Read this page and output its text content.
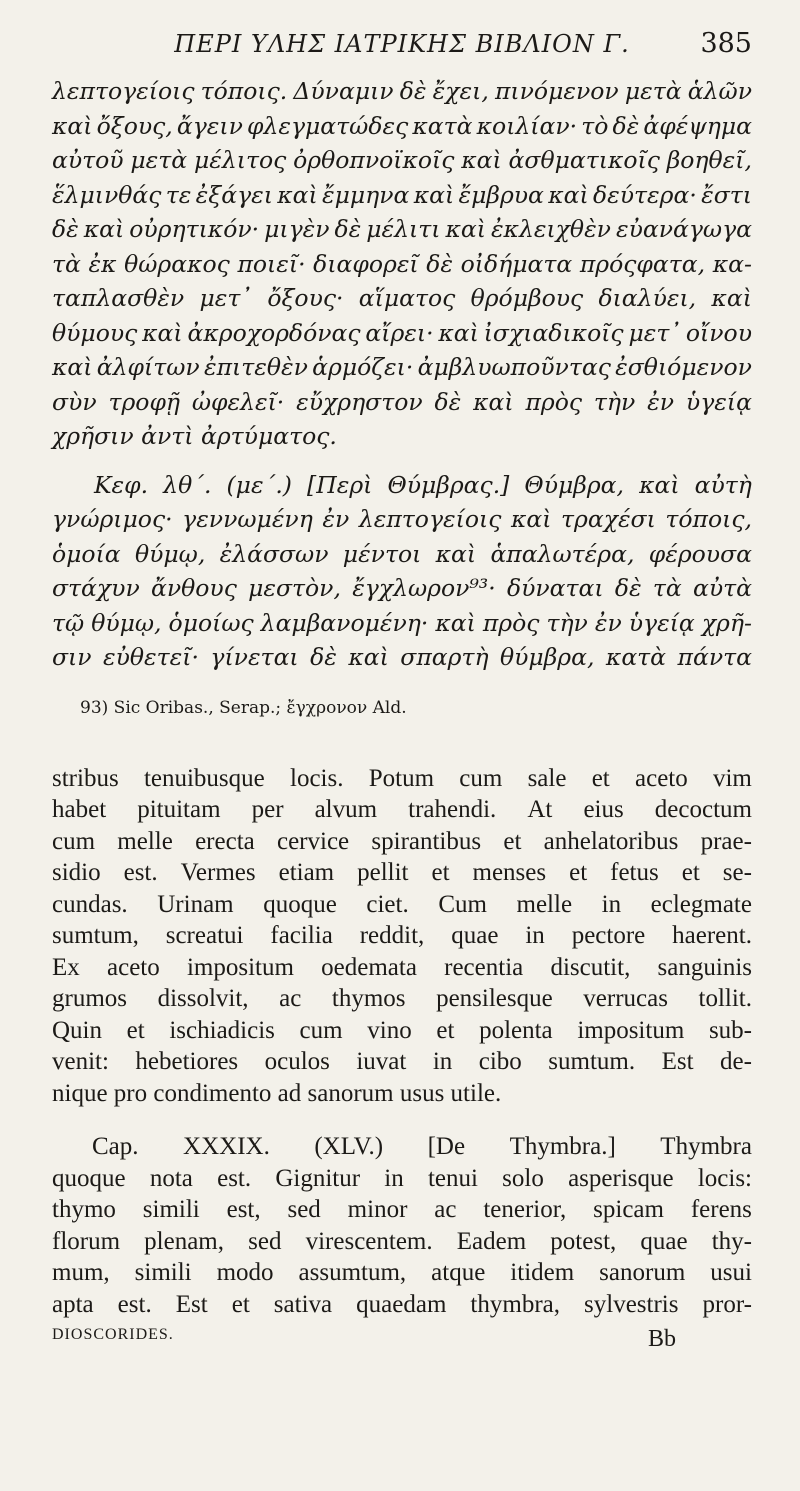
ΠΕΡΙ ΥΛΗΣ ΙΑΤΡΙΚΗΣ ΒΙΒΛΙΟΝ Γ.	385
λεπτογείοις τόποις. Δύναμιν δὲ ἔχει, πινόμενον μετὰ ἁλῶν
καὶ ὄξους, ἄγειν φλεγματώδες κατὰ κοιλίαν· τὸ δὲ ἀφέψημα
αὐτοῦ μετὰ μέλιτος ὀρθοπνοϊκοῖς καὶ ἀσθματικοῖς βοηθεῖ,
ἕλμινθάς τε ἐξάγει καὶ ἔμμηνα καὶ ἔμβρυα καὶ δεύτερα· ἔστι
δὲ καὶ οὐρητικόν· μιγὲν δὲ μέλιτι καὶ ἐκλειχθὲν εὐανάγωγα
τὰ ἐκ θώρακος ποιεῖ· διαφορεῖ δὲ οἰδήματα πρόςφατα, κα-
ταπλασθὲν μετ᾽ ὄξους· αἵματος θρόμβους διαλύει, καὶ
θύμους καὶ ἀκροχορδόνας αἴρει· καὶ ἰσχιαδικοῖς μετ᾽ οἴνου
καὶ ἀλφίτων ἐπιτεθὲν ἁρμόζει· ἀμβλυωποῦντας ἐσθιόμενον
σὺν τροφῇ ὠφελεῖ· εὔχρηστον δὲ καὶ πρὸς τὴν ἐν ὑγείᾳ
χρῆσιν ἀντὶ ἀρτύματος.
Κεφ. λθ΄. (με΄.) [Περὶ Θύμβρας.] Θύμβρα, καὶ αὐτὴ
γνώριμος· γεννωμένη ἐν λεπτογείοις καὶ τραχέσι τόποις,
ὁμοία θύμῳ, ἐλάσσων μέντοι καὶ ἁπαλωτέρα, φέρουσα
στάχυν ἄνθους μεστὸν, ἔγχλωρον⁹³· δύναται δὲ τὰ αὐτὰ
τῷ θύμῳ, ὁμοίως λαμβανομένη· καὶ πρὸς τὴν ἐν ὑγείᾳ χρῆ-
σιν εὐθετεῖ· γίνεται δὲ καὶ σπαρτὴ θύμβρα, κατὰ πάντα
93) Sic Oribas., Serap.; ἔγχρονον Ald.
stribus tenuibusque locis. Potum cum sale et aceto vim
habet pituitam per alvum trahendi. At eius decoctum
cum melle erecta cervice spirantibus et anhelatoribus prae-
sidio est. Vermes etiam pellit et menses et fetus et se-
cundas. Urinam quoque ciet. Cum melle in eclegmate
sumtum, screatui facilia reddit, quae in pectore haerent.
Ex aceto impositum oedemata recentia discutit, sanguinis
grumos dissolvit, ac thymos pensilesque verrucas tollit.
Quin et ischiadicis cum vino et polenta impositum sub-
venit: hebetiores oculos iuvat in cibo sumtum. Est de-
nique pro condimento ad sanorum usus utile.
Cap. XXXIX. (XLV.) [De Thymbra.] Thymbra
quoque nota est. Gignitur in tenui solo asperisque locis:
thymo simili est, sed minor ac tenerior, spicam ferens
florum plenam, sed virescentem. Eadem potest, quae thy-
mum, simili modo assumtum, atque itidem sanorum usui
apta est. Est et sativa quaedam thymbra, sylvestris pror-
DIOSCORIDES.	Bb
